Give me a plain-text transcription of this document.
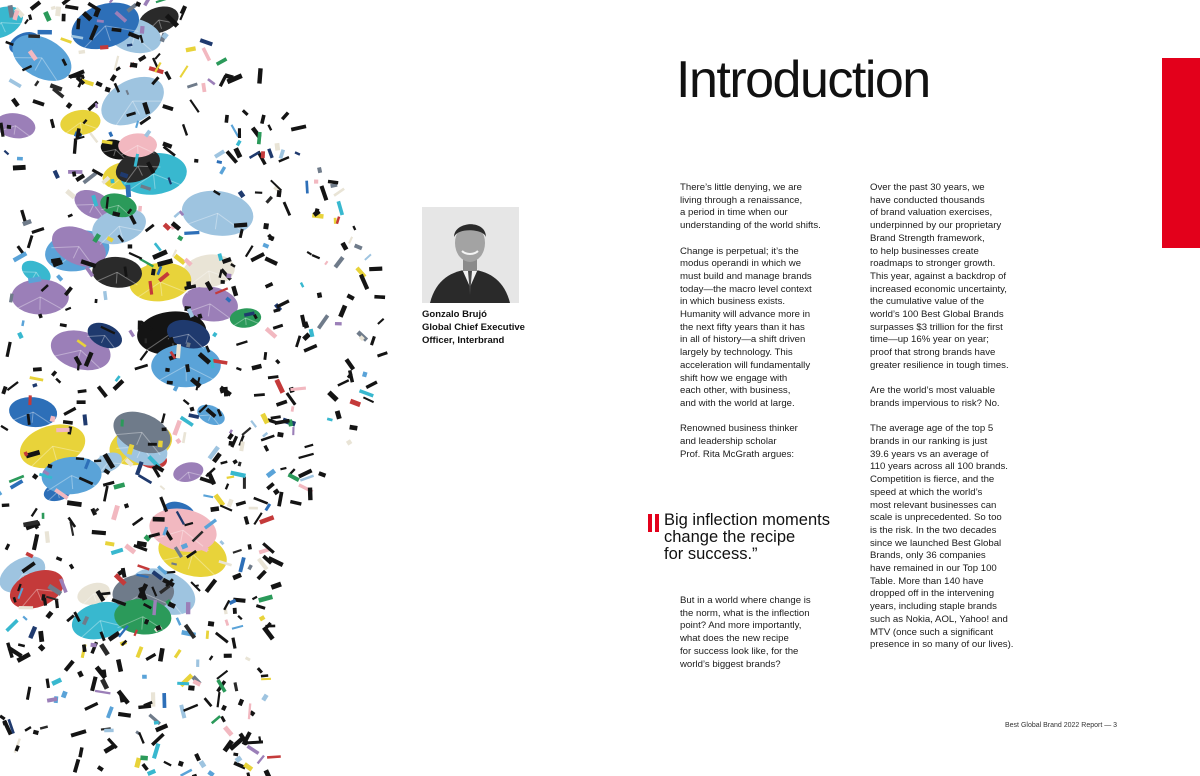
Introduction
Gonzalo Brujó
Global Chief Executive
Officer, Interbrand

There’s little denying, we are
living through a renaissance,
a period in time when our
understanding of the world shifts.

Change is perpetual; it’s the
modus operandi in which we
must build and manage brands
today—the macro level context
in which business exists.
Humanity will advance more in
the next fifty years than it has
in all of history—a shift driven
largely by technology. This
acceleration will fundamentally
shift how we engage with
each other, with business,
and with the world at large.

Renowned business thinker
and leadership scholar
Prof. Rita McGrath argues:

Big inflection moments
change the recipe
for success.”

But in a world where change is
the norm, what is the inflection
point? And more importantly,
what does the new recipe
for success look like, for the
world’s biggest brands?

Over the past 30 years, we
have conducted thousands
of brand valuation exercises,
underpinned by our proprietary
Brand Strength framework,
to help businesses create
roadmaps to stronger growth.
This year, against a backdrop of
increased economic uncertainty,
the cumulative value of the
world’s 100 Best Global Brands
surpasses $3 trillion for the first
time—up 16% year on year;
proof that strong brands have
greater resilience in tough times.

Are the world’s most valuable
brands impervious to risk? No.

The average age of the top 5
brands in our ranking is just
39.6 years vs an average of
110 years across all 100 brands.
Competition is fierce, and the
speed at which the world’s
most relevant businesses can
scale is unprecedented. So too
is the risk. In the two decades
since we launched Best Global
Brands, only 36 companies
have remained in our Top 100
Table. More than 140 have
dropped off in the intervening
years, including staple brands
such as Nokia, AOL, Yahoo! and
MTV (once such a significant
presence in so many of our lives).

Best Global Brand 2022 Report — 3
